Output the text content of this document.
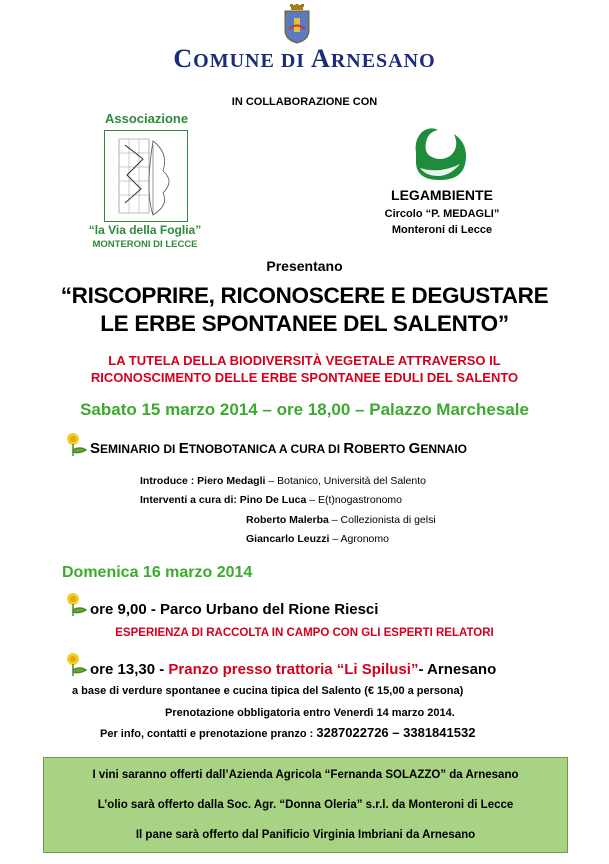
COMUNE DI ARNESANO
IN COLLABORAZIONE CON
Associazione
“la Via della Foglia”
MONTERONI DI LECCE
LEGAMBIENTE
Circolo “P. MEDAGLI”
Monteroni di Lecce
Presentano
“RISCOPRIRE, RICONOSCERE E DEGUSTARE
LE ERBE SPONTANEE DEL SALENTO”
LA TUTELA DELLA BIODIVERSITÀ VEGETALE ATTRAVERSO IL
RICONOSCIMENTO DELLE ERBE SPONTANEE EDULI DEL SALENTO
Sabato 15 marzo 2014 – ore 18,00 – Palazzo Marchesale
SEMINARIO DI ETNOBOTANICA A CURA DI ROBERTO GENNAIO
Introduce : Piero Medagli – Botanico, Università del Salento
Interventi a cura di: Pino De Luca – E(t)nogastronomo
Roberto Malerba – Collezionista di gelsi
Giancarlo Leuzzi – Agronomo
Domenica 16 marzo 2014
ore 9,00 - Parco Urbano del Rione Riesci
ESPERIENZA DI RACCOLTA IN CAMPO CON GLI ESPERTI RELATORI
ore 13,30 - Pranzo presso trattoria “Li Spilusi”- Arnesano
a base di verdure spontanee e cucina tipica del Salento (€ 15,00 a persona)
Prenotazione obbligatoria entro Venerdì 14 marzo 2014.
Per info, contatti e prenotazione pranzo : 3287022726 – 3381841532
I vini saranno offerti dall’Azienda Agricola “Fernanda SOLAZZO” da Arnesano
L’olio sarà offerto dalla Soc. Agr. “Donna Oleria” s.r.l. da Monteroni di Lecce
Il pane sarà offerto dal Panificio Virginia Imbriani da Arnesano
